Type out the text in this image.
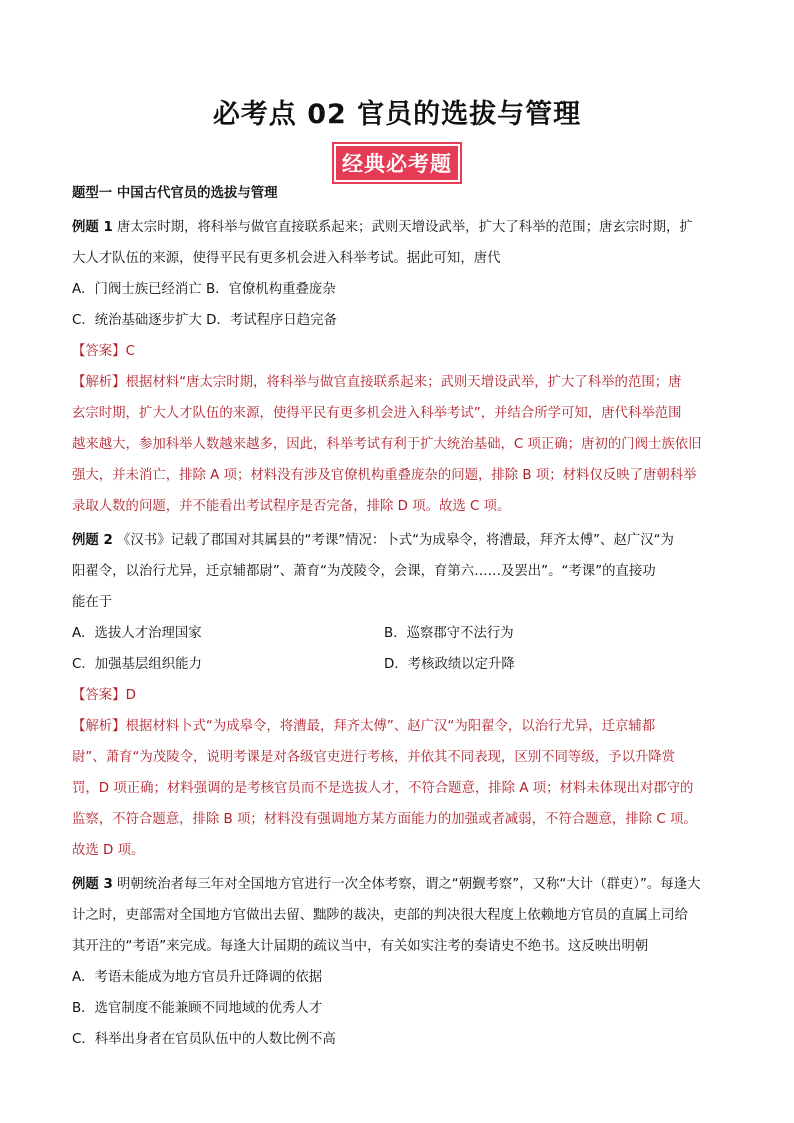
必考点 02 官员的选拔与管理
经典必考题
题型一 中国古代官员的选拔与管理
例题 1 唐太宗时期，将科举与做官直接联系起来；武则天增设武举，扩大了科举的范围；唐玄宗时期，扩
大人才队伍的来源，使得平民有更多机会进入科举考试。据此可知，唐代
A．门阀士族已经消亡 B．官僚机构重叠庞杂
C．统治基础逐步扩大 D．考试程序日趋完备
【答案】C
【解析】根据材料“唐太宗时期，将科举与做官直接联系起来；武则天增设武举，扩大了科举的范围；唐
玄宗时期，扩大人才队伍的来源，使得平民有更多机会进入科举考试”，并结合所学可知，唐代科举范围
越来越大，参加科举人数越来越多，因此，科举考试有利于扩大统治基础，C 项正确；唐初的门阀士族依旧
强大，并未消亡，排除 A 项；材料没有涉及官僚机构重叠庞杂的问题，排除 B 项；材料仅反映了唐朝科举
录取人数的问题，并不能看出考试程序是否完备，排除 D 项。故选 C 项。
例题 2 《汉书》记载了郡国对其属县的“考课”情况：卜式“为成皋令，将漕最，拜齐太傅”、赵广汉“为
阳翟令，以治行尤异，迁京辅都尉”、萧育“为茂陵令，会课，育第六……及罢出”。“考课”的直接功
能在于
A．选拔人才治理国家	B．巡察郡守不法行为
C．加强基层组织能力	D．考核政绩以定升降
【答案】D
【解析】根据材料卜式“为成皋令，将漕最，拜齐太傅”、赵广汉“为阳翟令，以治行尤异，迁京辅都
尉”、萧育“为茂陵令，说明考课是对各级官吏进行考核，并依其不同表现，区别不同等级，予以升降赏
罚，D 项正确；材料强调的是考核官员而不是选拔人才，不符合题意，排除 A 项；材料未体现出对郡守的
监察，不符合题意，排除 B 项；材料没有强调地方某方面能力的加强或者减弱，不符合题意，排除 C 项。
故选 D 项。
例题 3 明朝统治者每三年对全国地方官进行一次全体考察，谓之“朝觐考察”，又称“大计（群吏）”。每逢大
计之时，吏部需对全国地方官做出去留、黜陟的裁决，吏部的判决很大程度上依赖地方官员的直属上司给
其开注的“考语”来完成。每逢大计届期的疏议当中，有关如实注考的奏请史不绝书。这反映出明朝
A．考语未能成为地方官员升迁降调的依据
B．选官制度不能兼顾不同地域的优秀人才
C．科举出身者在官员队伍中的人数比例不高
